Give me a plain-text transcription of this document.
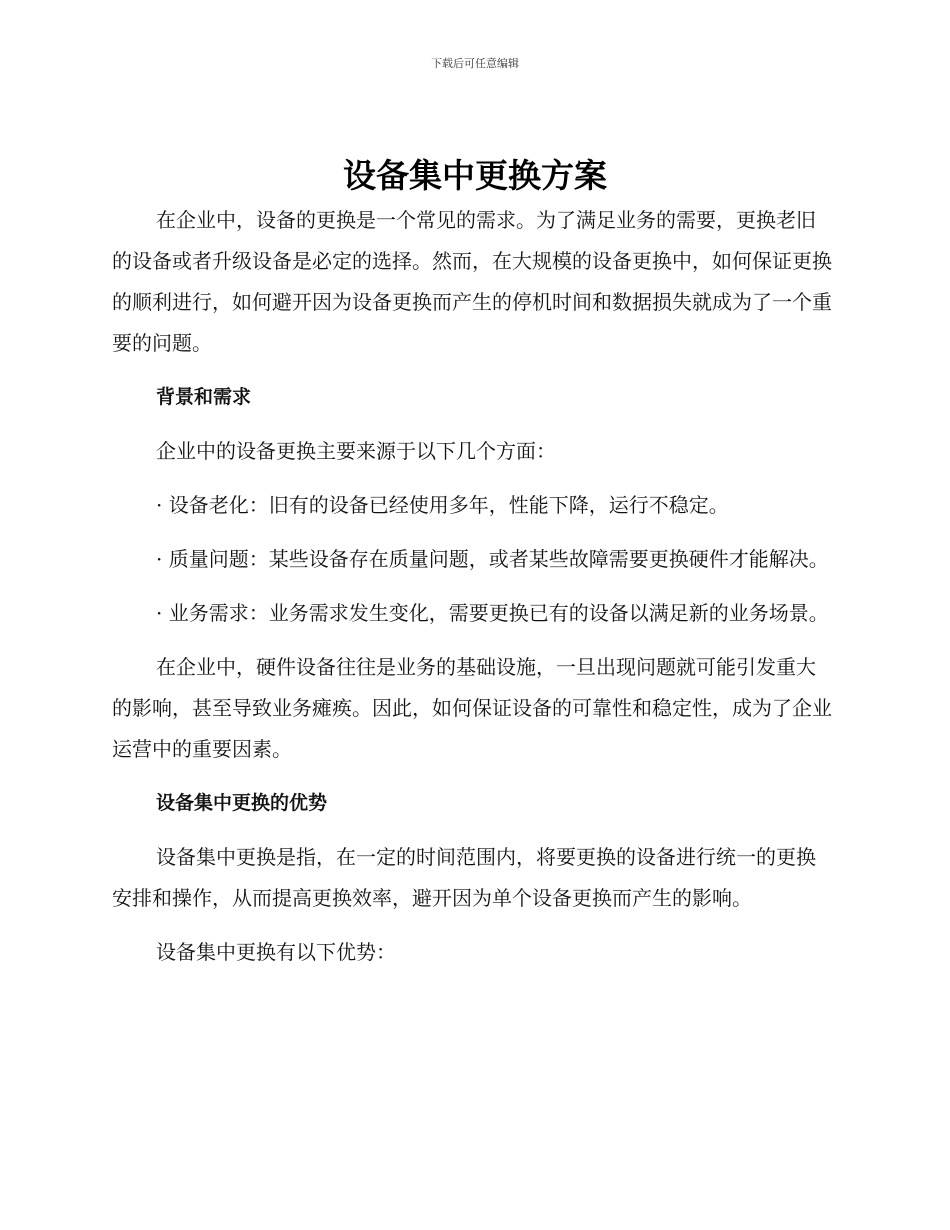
下载后可任意编辑
设备集中更换方案

在企业中，设备的更换是一个常见的需求。为了满足业务的需要，更换老旧的设备或者升级设备是必定的选择。然而，在大规模的设备更换中，如何保证更换的顺利进行，如何避开因为设备更换而产生的停机时间和数据损失就成为了一个重要的问题。

背景和需求

企业中的设备更换主要来源于以下几个方面：

· 设备老化：旧有的设备已经使用多年，性能下降，运行不稳定。

· 质量问题：某些设备存在质量问题，或者某些故障需要更换硬件才能解决。

· 业务需求：业务需求发生变化，需要更换已有的设备以满足新的业务场景。

在企业中，硬件设备往往是业务的基础设施，一旦出现问题就可能引发重大的影响，甚至导致业务瘫痪。因此，如何保证设备的可靠性和稳定性，成为了企业运营中的重要因素。

设备集中更换的优势

设备集中更换是指，在一定的时间范围内，将要更换的设备进行统一的更换安排和操作，从而提高更换效率，避开因为单个设备更换而产生的影响。

设备集中更换有以下优势：
